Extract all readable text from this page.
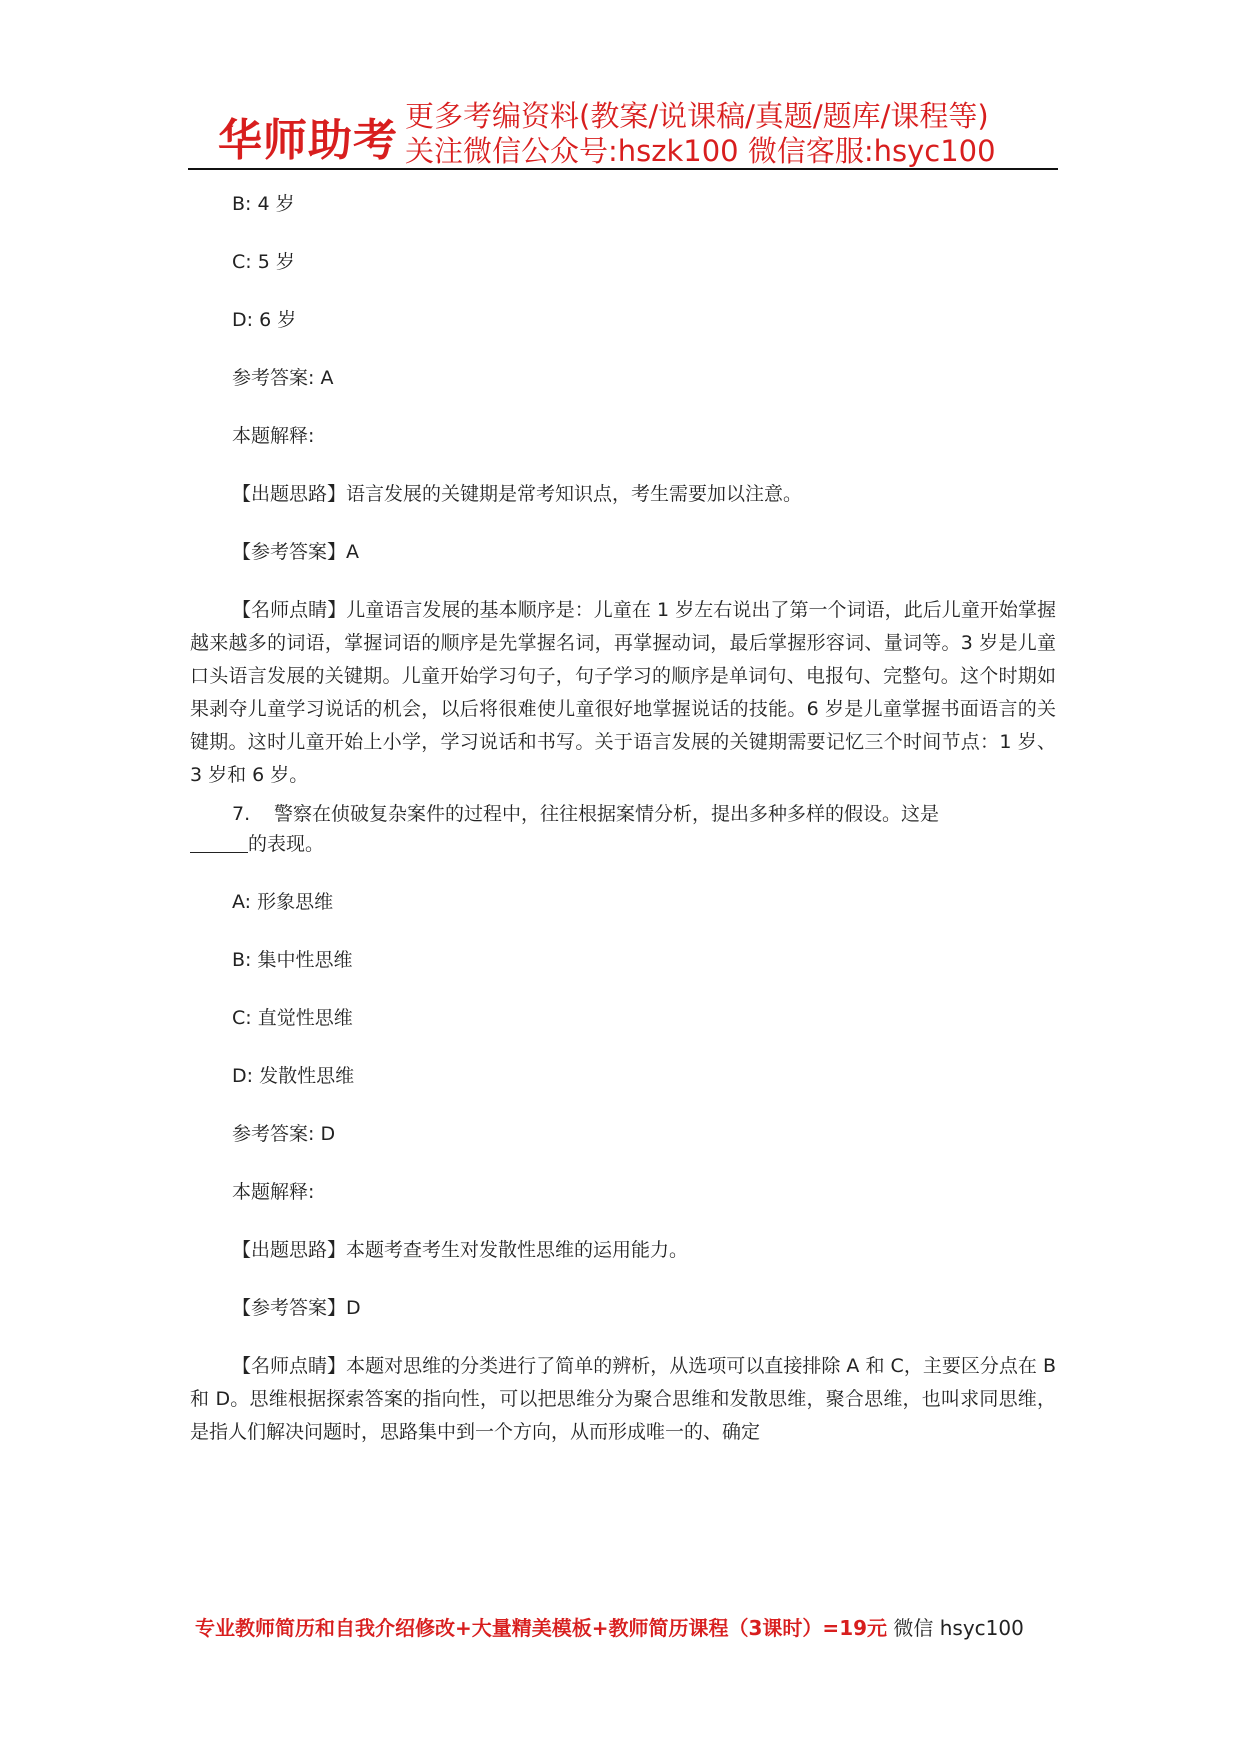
华师助考 更多考编资料(教案/说课稿/真题/题库/课程等)
关注微信公众号:hszk100 微信客服:hsyc100
B: 4 岁
C: 5 岁
D: 6 岁
参考答案: A
本题解释:
【出题思路】语言发展的关键期是常考知识点，考生需要加以注意。
【参考答案】A
【名师点睛】儿童语言发展的基本顺序是：儿童在 1 岁左右说出了第一个词语，此后儿童开始掌握越来越多的词语，掌握词语的顺序是先掌握名词，再掌握动词，最后掌握形容词、量词等。3 岁是儿童口头语言发展的关键期。儿童开始学习句子，句子学习的顺序是单词句、电报句、完整句。这个时期如果剥夺儿童学习说话的机会，以后将很难使儿童很好地掌握说话的技能。6 岁是儿童掌握书面语言的关键期。这时儿童开始上小学，学习说话和书写。关于语言发展的关键期需要记忆三个时间节点：1 岁、3 岁和 6 岁。
7. 警察在侦破复杂案件的过程中，往往根据案情分析，提出多种多样的假设。这是
的表现。
A: 形象思维
B: 集中性思维
C: 直觉性思维
D: 发散性思维
参考答案: D
本题解释:
【出题思路】本题考查考生对发散性思维的运用能力。
【参考答案】D
【名师点睛】本题对思维的分类进行了简单的辨析，从选项可以直接排除 A 和 C，主要区分点在 B 和 D。思维根据探索答案的指向性，可以把思维分为聚合思维和发散思维，聚合思维，也叫求同思维，是指人们解决问题时，思路集中到一个方向，从而形成唯一的、确定
专业教师简历和自我介绍修改+大量精美模板+教师简历课程（3课时）=19元 微信 hsyc100
